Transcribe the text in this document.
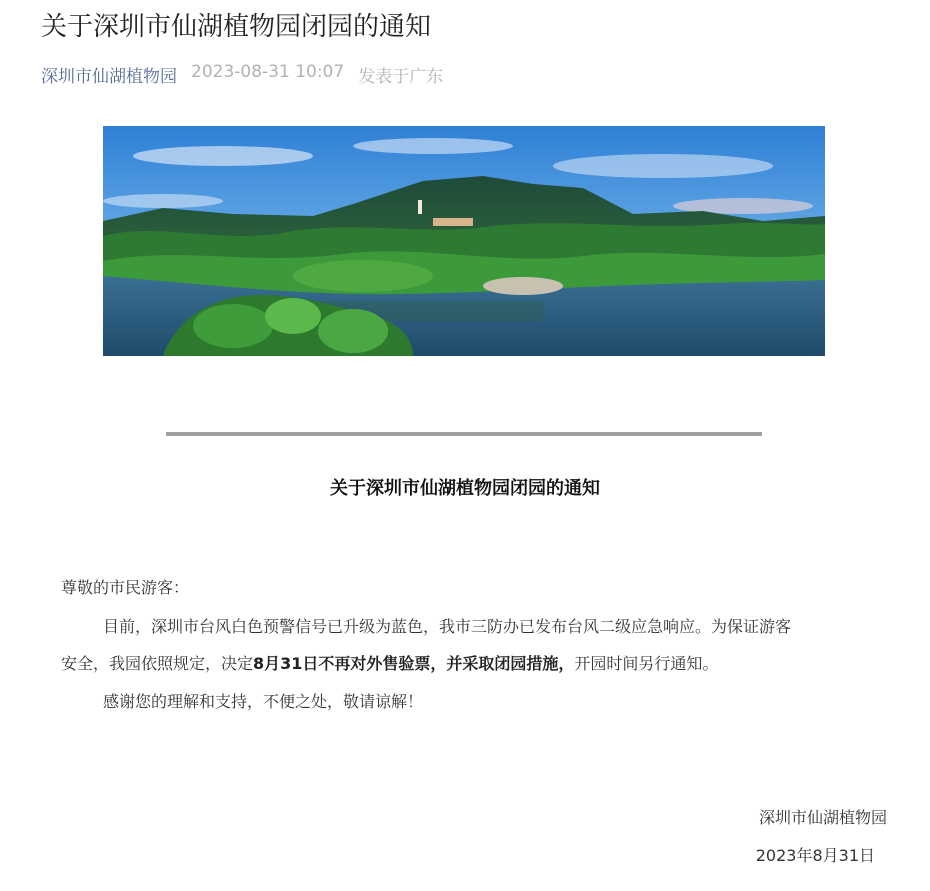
关于深圳市仙湖植物园闭园的通知
深圳市仙湖植物园 2023-08-31 10:07 发表于广东
关于深圳市仙湖植物园闭园的通知
尊敬的市民游客：
目前，深圳市台风白色预警信号已升级为蓝色，我市三防办已发布台风二级应急响应。为保证游客
安全，我园依照规定，决定8月31日不再对外售验票，并采取闭园措施，开园时间另行通知。
感谢您的理解和支持，不便之处，敬请谅解！
深圳市仙湖植物园
2023年8月31日
